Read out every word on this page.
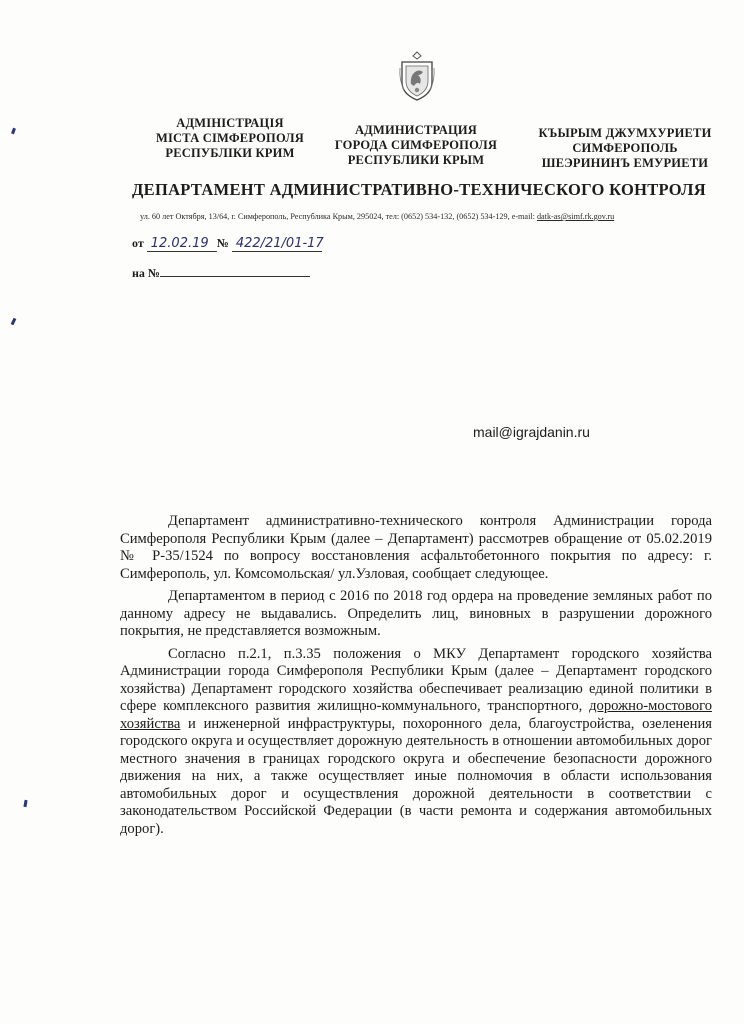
АДМІНІСТРАЦІЯ
МІСТА СІМФЕРОПОЛЯ
РЕСПУБЛІКИ КРИМ
АДМИНИСТРАЦИЯ
ГОРОДА СИМФЕРОПОЛЯ
РЕСПУБЛИКИ КРЫМ
КЪЫРЫМ ДЖУМХУРИЕТИ
СИМФЕРОПОЛЬ
ШЕЭРИНИНЪ ЕМУРИЕТИ
ДЕПАРТАМЕНТ АДМИНИСТРАТИВНО-ТЕХНИЧЕСКОГО КОНТРОЛЯ
ул. 60 лет Октября, 13/64, г. Симферополь, Республика Крым, 295024, тел: (0652) 534-132, (0652) 534-129, e-mail: datk-as@simf.rk.gov.ru
от 12.02.19 № 422/21/01-17
на №
mail@igrajdanin.ru

Департамент административно-технического контроля Администрации города Симферополя Республики Крым (далее – Департамент) рассмотрев обращение от 05.02.2019 № Р-35/1524 по вопросу восстановления асфальтобетонного покрытия по адресу: г. Симферополь, ул. Комсомольская/ ул.Узловая, сообщает следующее.

Департаментом в период с 2016 по 2018 год ордера на проведение земляных работ по данному адресу не выдавались. Определить лиц, виновных в разрушении дорожного покрытия, не представляется возможным.

Согласно п.2.1, п.3.35 положения о МКУ Департамент городского хозяйства Администрации города Симферополя Республики Крым (далее – Департамент городского хозяйства) Департамент городского хозяйства обеспечивает реализацию единой политики в сфере комплексного развития жилищно-коммунального, транспортного, дорожно-мостового хозяйства и инженерной инфраструктуры, похоронного дела, благоустройства, озеленения городского округа и осуществляет дорожную деятельность в отношении автомобильных дорог местного значения в границах городского округа и обеспечение безопасности дорожного движения на них, а также осуществляет иные полномочия в области использования автомобильных дорог и осуществления дорожной деятельности в соответствии с законодательством Российской Федерации (в части ремонта и содержания автомобильных дорог).
